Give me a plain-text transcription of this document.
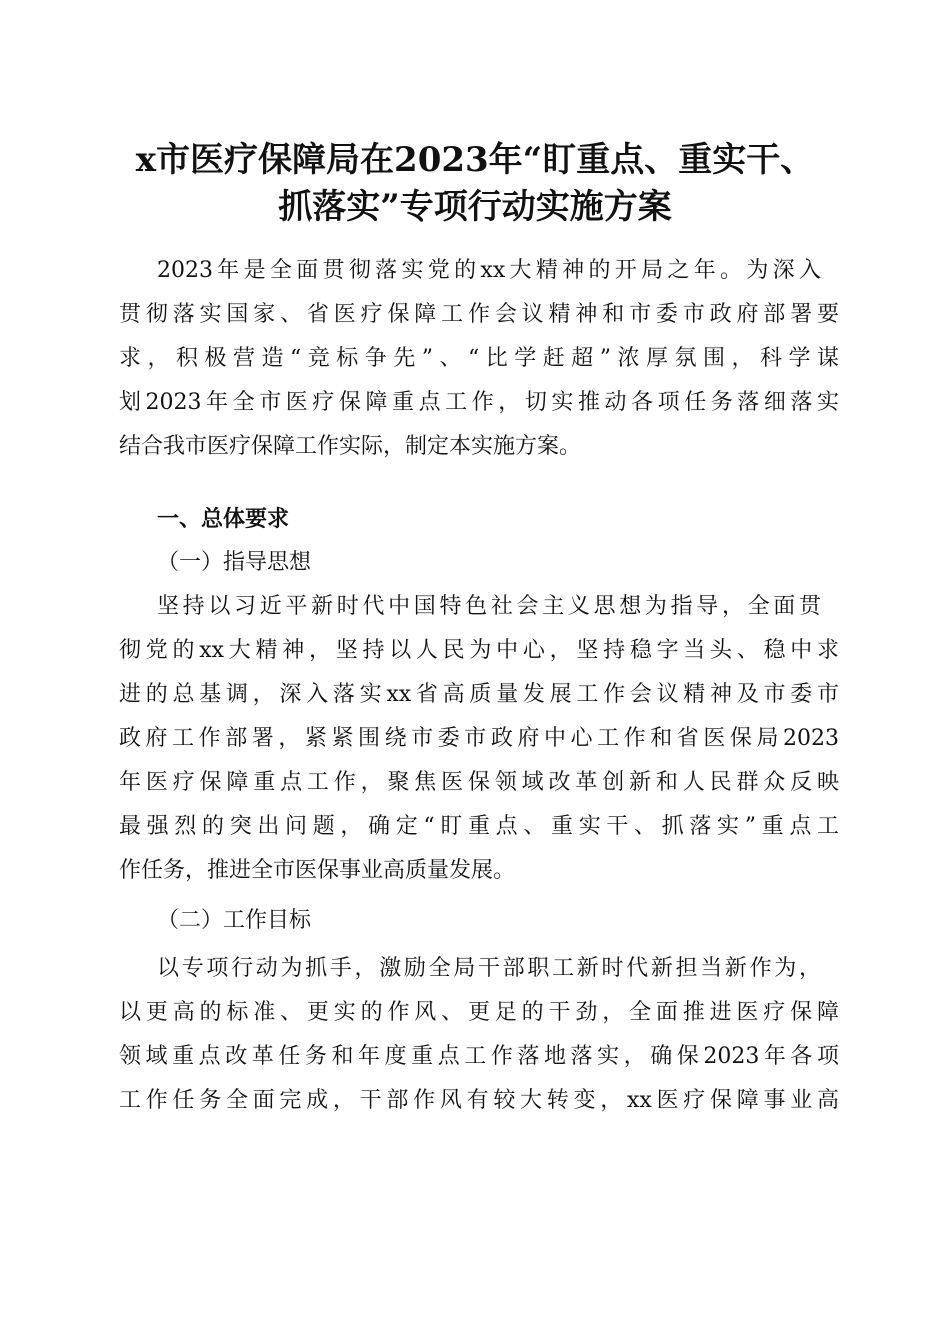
x市医疗保障局在2023年“盯重点、重实干、
抓落实”专项行动实施方案
2023年是全面贯彻落实党的xx大精神的开局之年。为深入
贯彻落实国家、省医疗保障工作会议精神和市委市政府部署要
求，积极营造“竞标争先”、“比学赶超”浓厚氛围，科学谋
划2023年全市医疗保障重点工作，切实推动各项任务落细落实
结合我市医疗保障工作实际，制定本实施方案。
一、总体要求
（一）指导思想
坚持以习近平新时代中国特色社会主义思想为指导，全面贯
彻党的xx大精神，坚持以人民为中心，坚持稳字当头、稳中求
进的总基调，深入落实xx省高质量发展工作会议精神及市委市
政府工作部署，紧紧围绕市委市政府中心工作和省医保局2023
年医疗保障重点工作，聚焦医保领域改革创新和人民群众反映
最强烈的突出问题，确定“盯重点、重实干、抓落实”重点工
作任务，推进全市医保事业高质量发展。
（二）工作目标
以专项行动为抓手，激励全局干部职工新时代新担当新作为，
以更高的标准、更实的作风、更足的干劲，全面推进医疗保障
领域重点改革任务和年度重点工作落地落实，确保2023年各项
工作任务全面完成，干部作风有较大转变，xx医疗保障事业高
